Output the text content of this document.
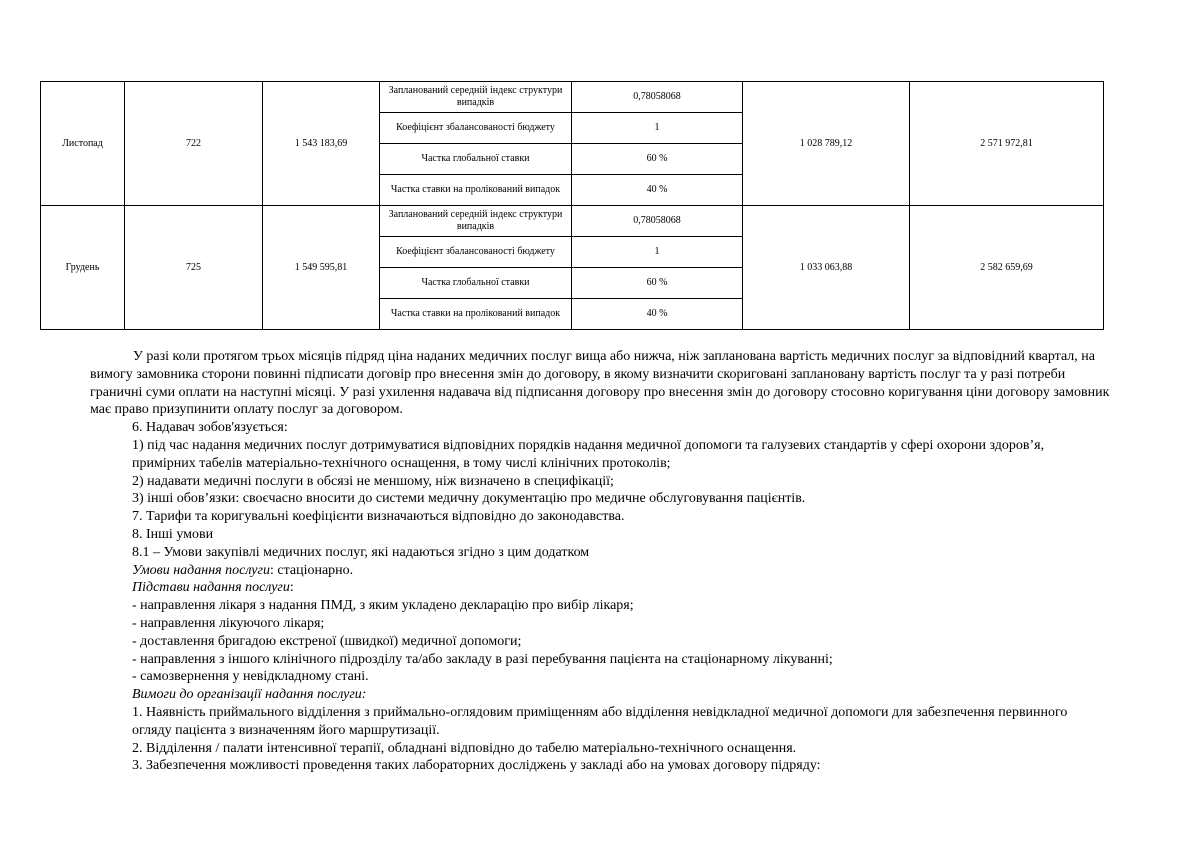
Листопад	722	1 543 183,69	Запланований середній індекс структури випадків	0,78058068	1 028 789,12	2 571 972,81
			Коефіцієнт збалансованості бюджету	1		
			Частка глобальної ставки	60 %		
			Частка ставки на пролікований випадок	40 %		
Грудень	725	1 549 595,81	Запланований середній індекс структури випадків	0,78058068	1 033 063,88	2 582 659,69
			Коефіцієнт збалансованості бюджету	1		
			Частка глобальної ставки	60 %		
			Частка ставки на пролікований випадок	40 %		

У разі коли протягом трьох місяців підряд ціна наданих медичних послуг вища або нижча, ніж запланована вартість медичних послуг за відповідний квартал, на вимогу замовника сторони повинні підписати договір про внесення змін до договору, в якому визначити скориговані заплановану вартість послуг та у разі потреби граничні суми оплати на наступні місяці. У разі ухилення надавача від підписання договору про внесення змін до договору стосовно коригування ціни договору замовник має право призупинити оплату послуг за договором.

6. Надавач зобов'язується:

1) під час надання медичних послуг дотримуватися відповідних порядків надання медичної допомоги та галузевих стандартів у сфері охорони здоров’я, примірних табелів матеріально-технічного оснащення, в тому числі клінічних протоколів;

2) надавати медичні послуги в обсязі не меншому, ніж визначено в специфікації;

3) інші обов’язки: своєчасно вносити до системи медичну документацію про медичне обслуговування пацієнтів.

7. Тарифи та коригувальні коефіцієнти визначаються відповідно до законодавства.

8. Інші умови

8.1 – Умови закупівлі медичних послуг, які надаються згідно з цим додатком

Умови надання послуги: стаціонарно.

Підстави надання послуги:

- направлення лікаря з надання ПМД, з яким укладено декларацію про вибір лікаря;

- направлення лікуючого лікаря;

- доставлення бригадою екстреної (швидкої) медичної допомоги;

- направлення з іншого клінічного підрозділу та/або закладу в разі перебування пацієнта на стаціонарному лікуванні;

- самозвернення у невідкладному стані.

Вимоги до організації надання послуги:

1. Наявність приймального відділення з приймально-оглядовим приміщенням або відділення невідкладної медичної допомоги для забезпечення первинного огляду пацієнта з визначенням його маршрутизації.

2. Відділення / палати інтенсивної терапії, обладнані відповідно до табелю матеріально-технічного оснащення.

3. Забезпечення можливості проведення таких лабораторних досліджень у закладі або на умовах договору підряду:
